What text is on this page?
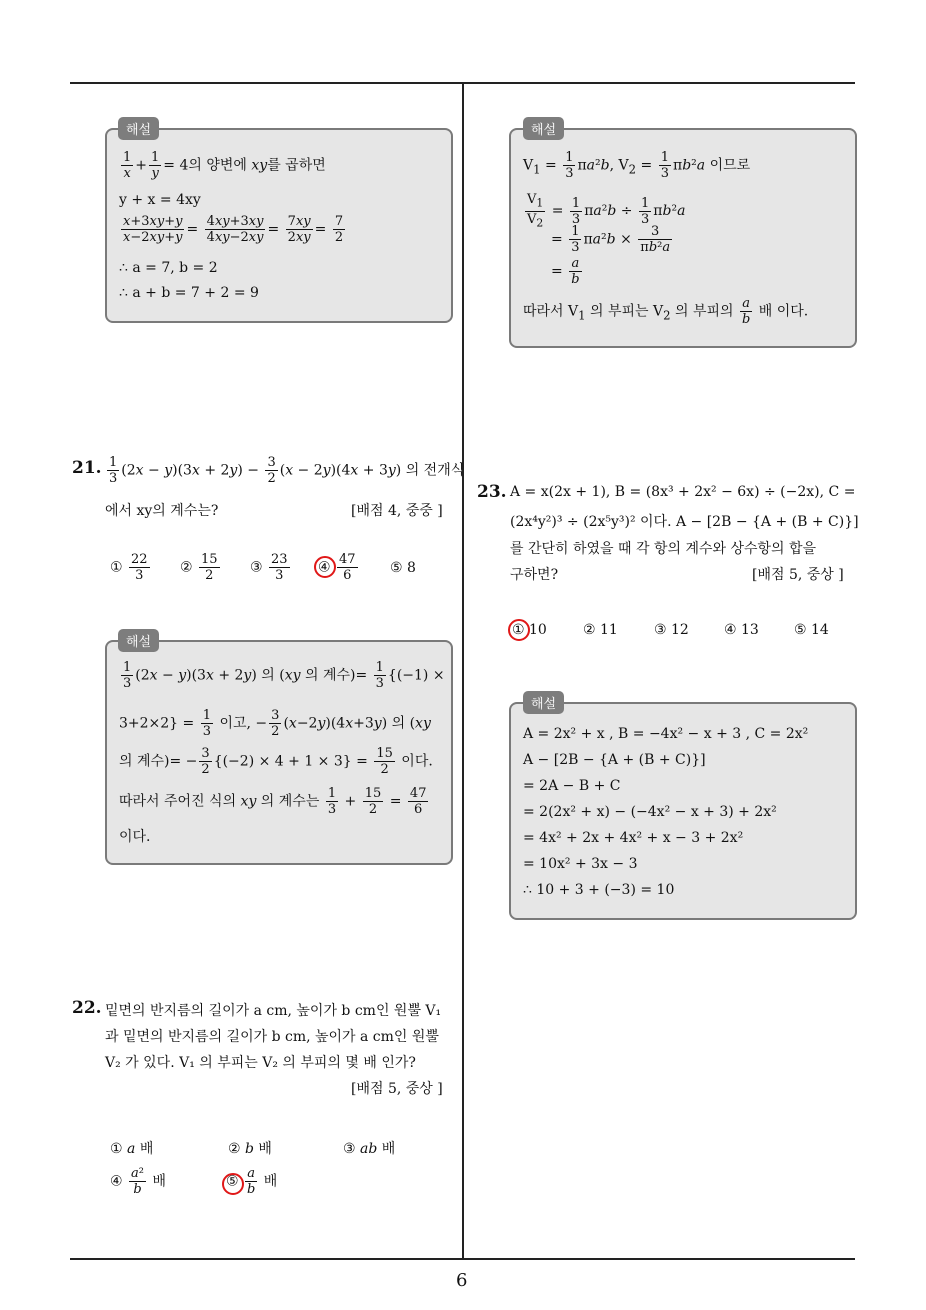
$\frac{1}{x} + \frac{1}{y} = 4$의 양변에 xy를 곱하면
y + x = 4xy
$\frac{x+3xy+y}{x-2xy+y} = \frac{4xy+3xy}{4xy-2xy} = \frac{7xy}{2xy} = \frac{7}{2}$
∴ a = 7, b = 2
∴ a + b = 7 + 2 = 9
해설
21. $\frac{1}{3} (2x - y)(3x + 2y) - \frac{3}{2} (x - 2y)(4x + 3y)$ 의 전개식
에서 xy의 계수는?	[배점 4, 중중 ]
① $\frac{22}{3}$ ② $\frac{15}{2}$ ③ $\frac{23}{3}$ ④ $\frac{47}{6}$ ⑤ 8
$\frac{1}{3} (2x - y)(3x + 2y)$ 의 (xy 의 계수)= $\frac{1}{3} \{(-1)$ ×
$3+2\times 2\} = \frac{1}{3}$ 이고, − $\frac{3}{2} (x-2y)(4x+3y)$ 의 (xy
의 계수)= − $\frac{3}{2} \{(-2) \times 4 + 1 \times 3\} = \frac{15}{2}$ 이다.
따라서 주어진 식의 xy 의 계수는 $\frac{1}{3} + \frac{15}{2} = \frac{47}{6}$
이다.
해설
22. 밑면의 반지름의 길이가 a cm, 높이가 b cm인 원뿔 V₁
과 밑면의 반지름의 길이가 b cm, 높이가 a cm인 원뿔
V₂ 가 있다. V₁ 의 부피는 V₂ 의 부피의 몇 배 인가?
[배점 5, 중상 ]
① a 배	② b 배	③ ab 배
④ $\frac{\text{a²}}{b}$ 배	⑤ $\frac{a}{b}$ 배
$V_1 = \frac{1}{3} \pi a^2b$, $V_2 = \frac{1}{3} \pi b^2a$ 이므로
$\frac{V_1}{V_2} = \frac{1}{3} \pi a^2b \div \frac{1}{3} \pi b^2a$
= $\frac{1}{3} \pi a^2b \times \frac{3}{\text{πb²a}}$
= $\frac{a}{b}$
따라서 $V_1$ 의 부피는 $V_2$ 의 부피의 $\frac{a}{b}$ 배 이다.
해설
23. A = x(2x + 1), B = (8x³ + 2x² − 6x) ÷ (−2x), C =
(2x⁴y²)³ ÷ (2x⁵y³)² 이다. A − [2B − {A + (B + C)}]
를 간단히 하였을 때 각 항의 계수와 상수항의 합을
구하면?	[배점 5, 중상 ]
① 10	② 11	③ 12	④ 13	⑤ 14
A = 2x² + x , B = −4x² − x + 3 , C = 2x²
A − [2B − {A + (B + C)}]
= 2A − B + C
= 2(2x² + x) − (−4x² − x + 3) + 2x²
= 4x² + 2x + 4x² + x − 3 + 2x²
= 10x² + 3x − 3
∴ 10 + 3 + (−3) = 10
해설
6
